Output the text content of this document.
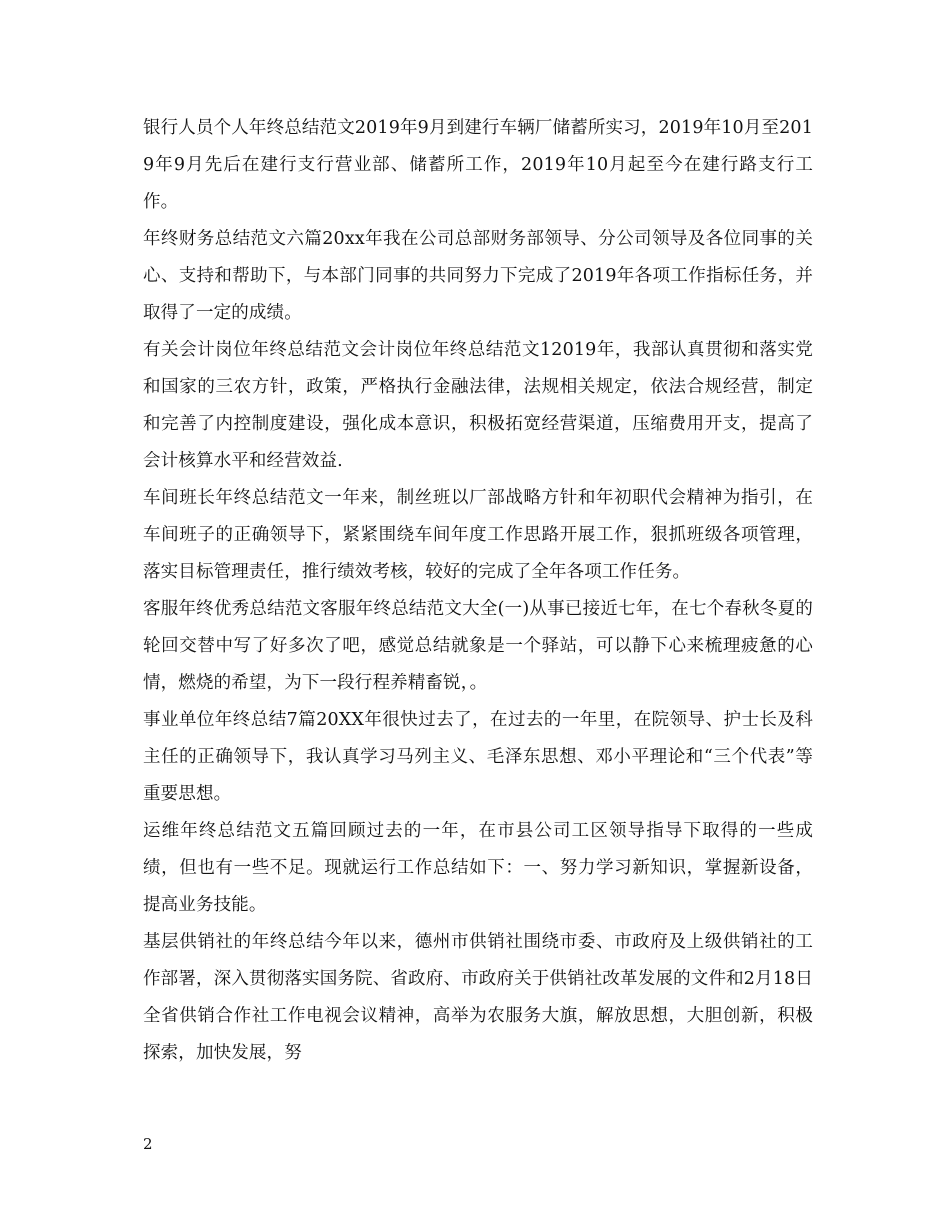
银行人员个人年终总结范文2019年9月到建行车辆厂储蓄所实习，2019年10月至2019年9月先后在建行支行营业部、储蓄所工作，2019年10月起至今在建行路支行工作。

年终财务总结范文六篇20xx年我在公司总部财务部领导、分公司领导及各位同事的关心、支持和帮助下，与本部门同事的共同努力下完成了2019年各项工作指标任务，并取得了一定的成绩。

有关会计岗位年终总结范文会计岗位年终总结范文12019年，我部认真贯彻和落实党和国家的三农方针，政策，严格执行金融法律，法规相关规定，依法合规经营，制定和完善了内控制度建设，强化成本意识，积极拓宽经营渠道，压缩费用开支，提高了会计核算水平和经营效益.

车间班长年终总结范文一年来，制丝班以厂部战略方针和年初职代会精神为指引，在车间班子的正确领导下，紧紧围绕车间年度工作思路开展工作，狠抓班级各项管理，落实目标管理责任，推行绩效考核，较好的完成了全年各项工作任务。

客服年终优秀总结范文客服年终总结范文大全(一)从事已接近七年，在七个春秋冬夏的轮回交替中写了好多次了吧，感觉总结就象是一个驿站，可以静下心来梳理疲惫的心情，燃烧的希望，为下一段行程养精畜锐，。

事业单位年终总结7篇20XX年很快过去了，在过去的一年里，在院领导、护士长及科主任的正确领导下，我认真学习马列主义、毛泽东思想、邓小平理论和“三个代表”等重要思想。

运维年终总结范文五篇回顾过去的一年，在市县公司工区领导指导下取得的一些成绩，但也有一些不足。现就运行工作总结如下：一、努力学习新知识，掌握新设备，提高业务技能。

基层供销社的年终总结今年以来，德州市供销社围绕市委、市政府及上级供销社的工作部署，深入贯彻落实国务院、省政府、市政府关于供销社改革发展的文件和2月18日全省供销合作社工作电视会议精神，高举为农服务大旗，解放思想，大胆创新，积极探索，加快发展，努

2
